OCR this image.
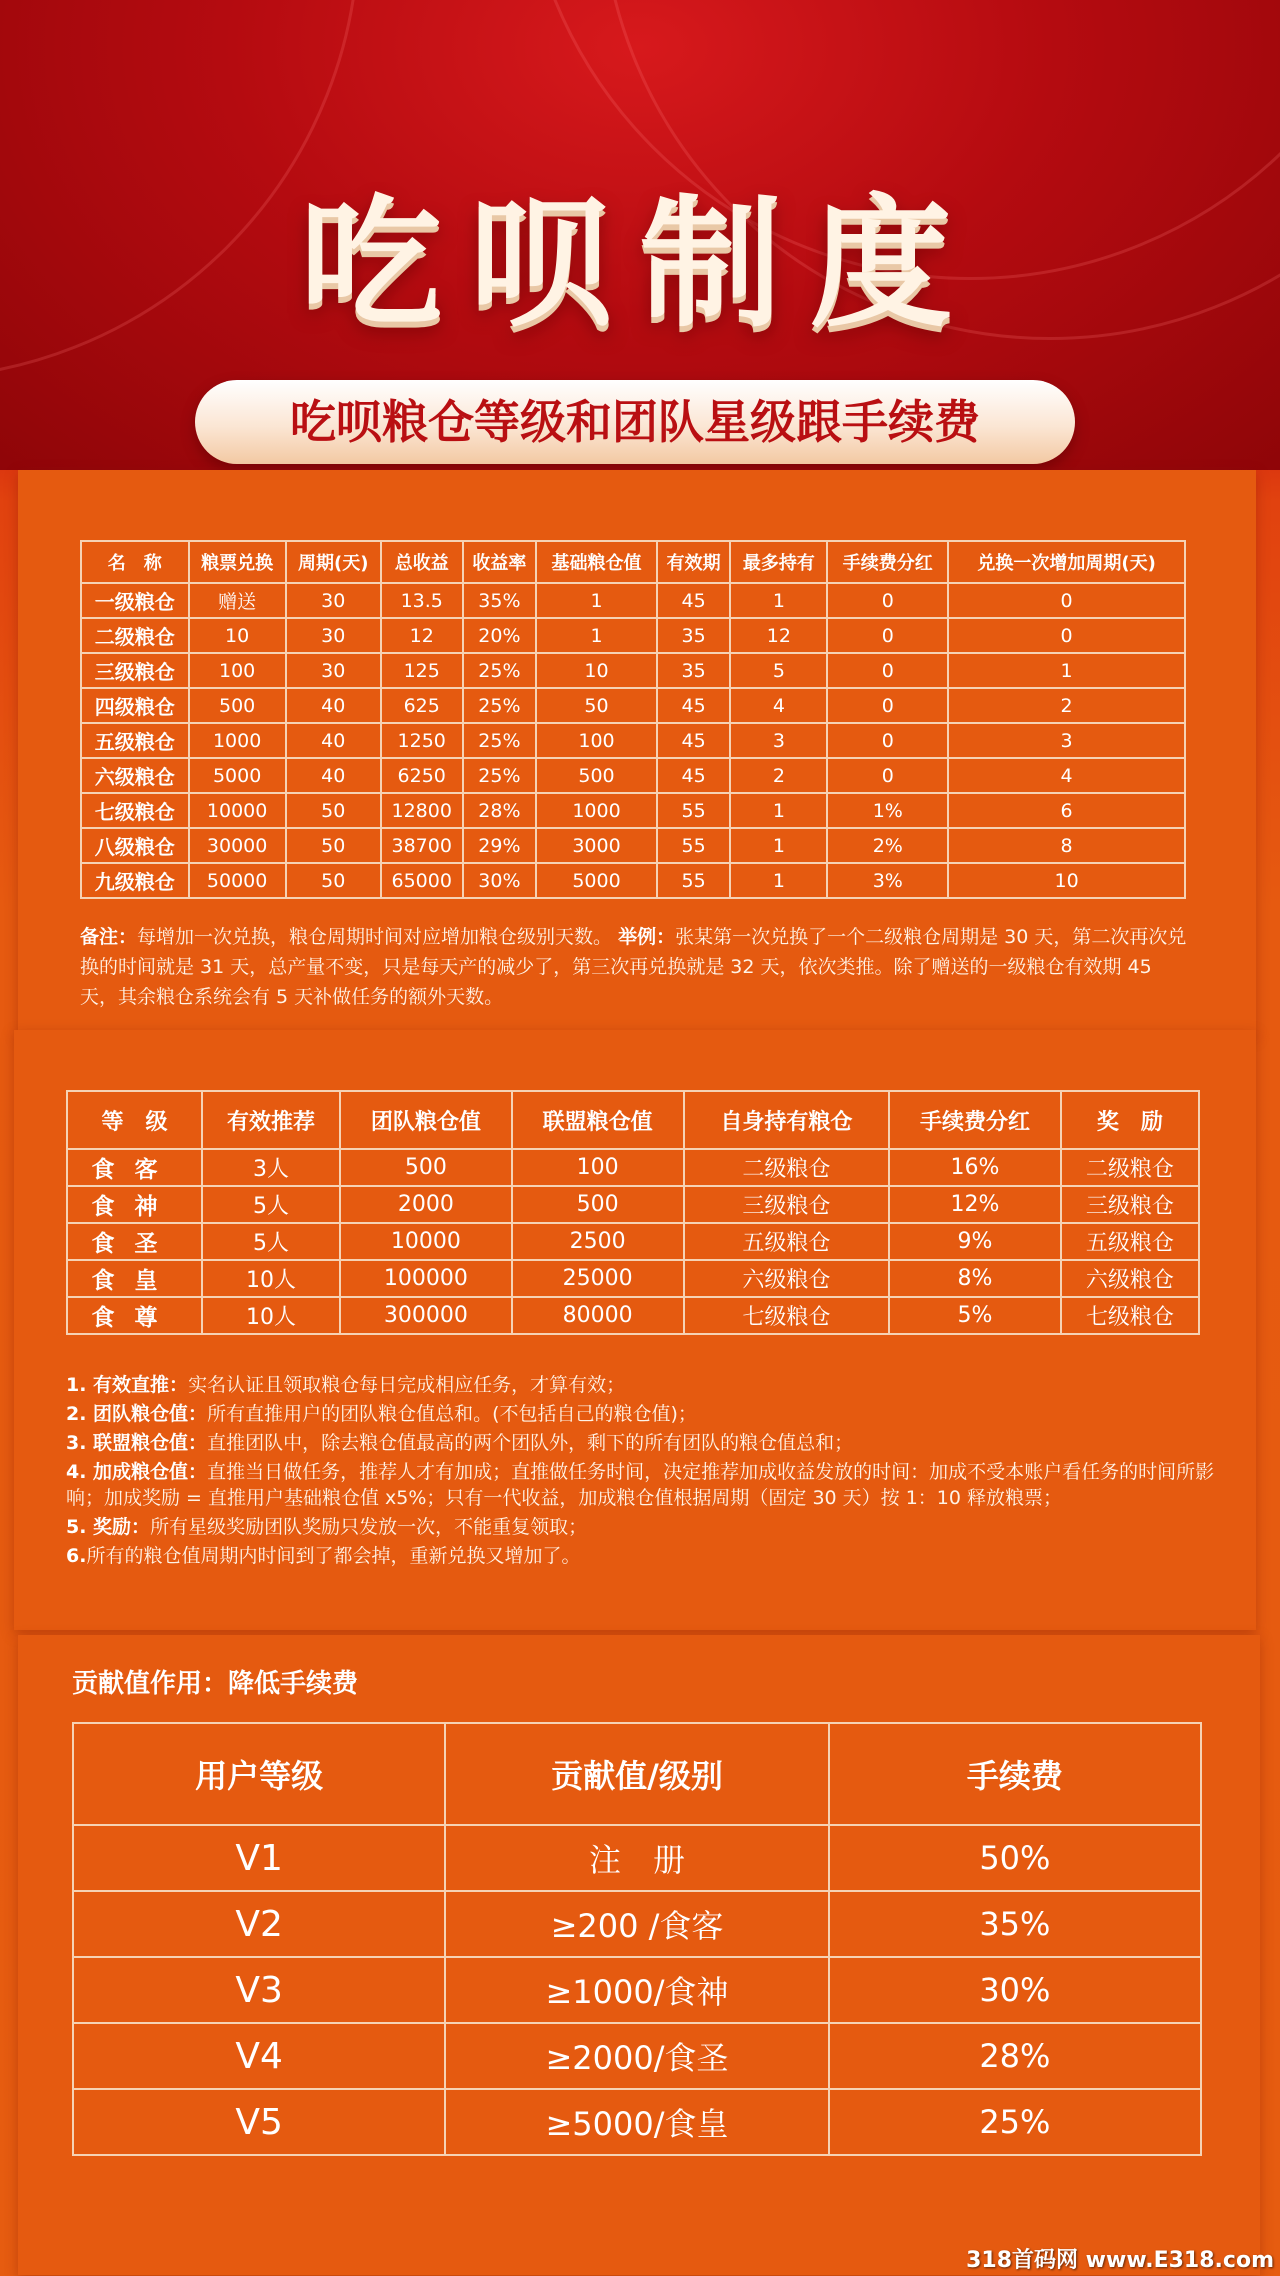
吃呗制度
吃呗粮仓等级和团队星级跟手续费
名　称	粮票兑换	周期(天)	总收益	收益率	基础粮仓值	有效期	最多持有	手续费分红	兑换一次增加周期(天)
一级粮仓	赠送	30	13.5	35%	1	45	1	0	0
二级粮仓	10	30	12	20%	1	35	12	0	0
三级粮仓	100	30	125	25%	10	35	5	0	1
四级粮仓	500	40	625	25%	50	45	4	0	2
五级粮仓	1000	40	1250	25%	100	45	3	0	3
六级粮仓	5000	40	6250	25%	500	45	2	0	4
七级粮仓	10000	50	12800	28%	1000	55	1	1%	6
八级粮仓	30000	50	38700	29%	3000	55	1	2%	8
九级粮仓	50000	50	65000	30%	5000	55	1	3%	10
备注：每增加一次兑换，粮仓周期时间对应增加粮仓级别天数。 举例：张某第一次兑换了一个二级粮仓周期是 30 天，第二次再次兑换的时间就是 31 天，总产量不变，只是每天产的减少了，第三次再兑换就是 32 天，依次类推。除了赠送的一级粮仓有效期 45 天，其余粮仓系统会有 5 天补做任务的额外天数。
等　级	有效推荐	团队粮仓值	联盟粮仓值	自身持有粮仓	手续费分红	奖　励
食客	3人	500	100	二级粮仓	16%	二级粮仓
食神	5人	2000	500	三级粮仓	12%	三级粮仓
食圣	5人	10000	2500	五级粮仓	9%	五级粮仓
食皇	10人	100000	25000	六级粮仓	8%	六级粮仓
食尊	10人	300000	80000	七级粮仓	5%	七级粮仓
1. 有效直推：实名认证且领取粮仓每日完成相应任务，才算有效；
2. 团队粮仓值：所有直推用户的团队粮仓值总和。(不包括自己的粮仓值)；
3. 联盟粮仓值：直推团队中，除去粮仓值最高的两个团队外，剩下的所有团队的粮仓值总和；
4. 加成粮仓值：直推当日做任务，推荐人才有加成；直推做任务时间，决定推荐加成收益发放的时间：加成不受本账户看任务的时间所影响；加成奖励 = 直推用户基础粮仓值 x5%；只有一代收益，加成粮仓值根据周期（固定 30 天）按 1：10 释放粮票；
5. 奖励：所有星级奖励团队奖励只发放一次，不能重复领取；
6.所有的粮仓值周期内时间到了都会掉，重新兑换又增加了。
贡献值作用：降低手续费
用户等级	贡献值/级别	手续费
V1	注　册	50%
V2	≥200 /食客	35%
V3	≥1000/食神	30%
V4	≥2000/食圣	28%
V5	≥5000/食皇	25%
318首码网 www.E318.com
